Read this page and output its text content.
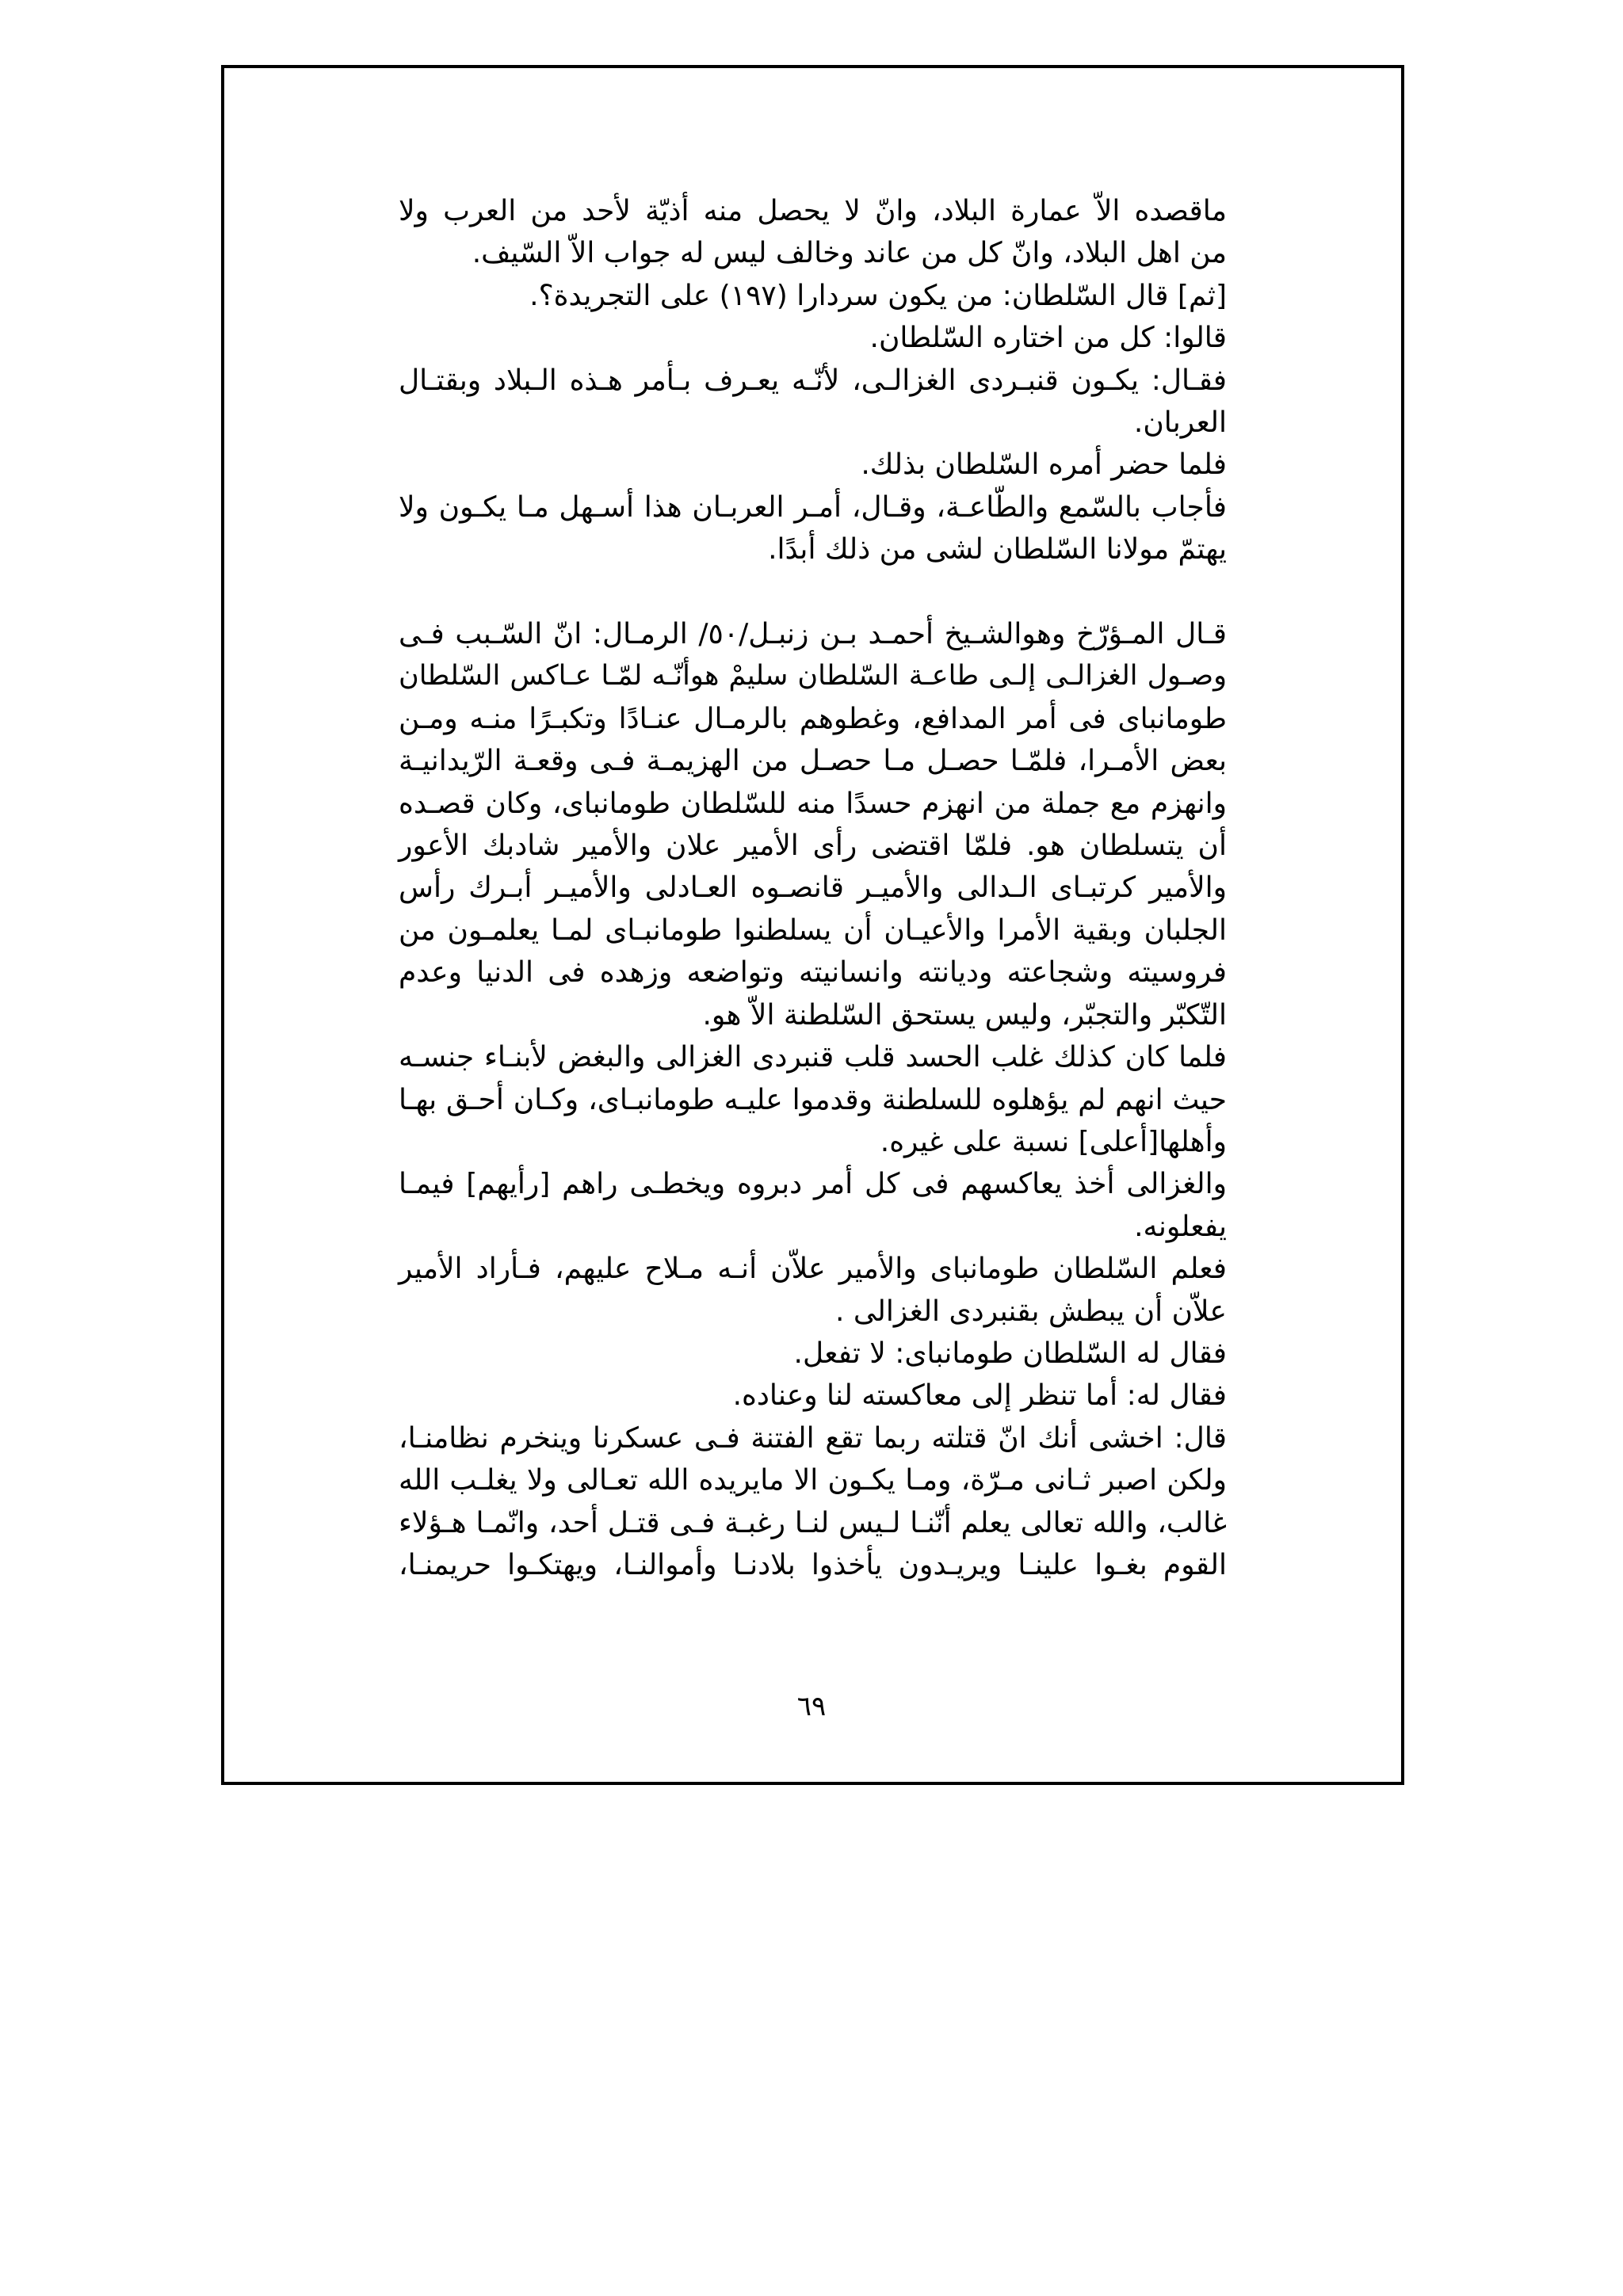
ماقصده الاّ عمارة البلاد، وانّ لا يحصل منه أذيّة لأحد من العرب ولا
من اهل البلاد، وانّ كل من عاند وخالف ليس له جواب الاّ السّيف.
[ثم] قال السّلطان: من يكون سردارا (١٩٧) على التجريدة؟.
قالوا: كل من اختاره السّلطان.
فقـال: يكـون قنبـردى الغزالـى، لأنّـه يعـرف بـأمر هـذه الـبلاد وبقتـال
العربان.
فلما حضر أمره السّلطان بذلك.
فأجاب بالسّمع والطّاعـة، وقـال، أمـر العربـان هذا أسـهل مـا يكـون ولا
يهتمّ مولانا السّلطان لشى من ذلك أبدًا.
قـال المـؤرّخ وهوالشـيخ أحمـد بـن زنبـل/٥٠/ الرمـال: انّ السّـبب فـى
وصـول الغزالـى إلـى طاعـة السّلطان سليمْ هوأنّـه لمّـا عـاكس السّلطان
طومانباى فى أمر المدافع، وغطوهم بالرمـال عنـادًا وتكبـرًا منـه ومـن
بعض الأمـرا، فلمّـا حصـل مـا حصـل من الهزيمـة فـى وقعـة الرّيدانيـة
وانهزم مع جملة من انهزم حسدًا منه للسّلطان طومانباى، وكان قصـده
أن يتسلطان هو. فلمّا اقتضى رأى الأمير علان والأمير شادبك الأعور
والأمير كرتبـاى الـدالى والأميـر قانصـوه العـادلى والأميـر أبـرك رأس
الجلبان وبقية الأمرا والأعيـان أن يسلطنوا طومانبـاى لمـا يعلمـون من
فروسيته وشجاعته وديانته وانسانيته وتواضعه وزهده فى الدنيا وعدم
التّكبّر والتجبّر، وليس يستحق السّلطنة الاّ هو.
فلما كان كذلك غلب الحسد قلب قنبردى الغزالى والبغض لأبنـاء جنسـه
حيث انهم لم يؤهلوه للسلطنة وقدموا عليـه طومانبـاى، وكـان أحـق بهـا
وأهلها[أعلى] نسبة على غيره.
والغزالى أخذ يعاكسهم فى كل أمر دبروه ويخطـى راهم [رأيهم] فيمـا
يفعلونه.
فعلم السّلطان طومانباى والأمير علاّن أنـه مـلاح عليهم، فـأراد الأمير
علاّن أن يبطش بقنبردى الغزالى .
فقال له السّلطان طومانباى: لا تفعل.
فقال له: أما تنظر إلى معاكسته لنا وعناده.
قال: اخشى أنك انّ قتلته ربما تقع الفتنة فـى عسكرنا وينخرم نظامنـا،
ولكن اصبر ثـانى مـرّة، ومـا يكـون الا مايريده الله تعـالى ولا يغلـب الله
غالب، والله تعالى يعلم أنّنـا لـيس لنـا رغبـة فـى قتـل أحد، وانّمـا هـؤلاء
القوم بغـوا علينـا ويريـدون يأخذوا بلادنـا وأموالنـا، ويهتكـوا حريمنـا،
٦٩
